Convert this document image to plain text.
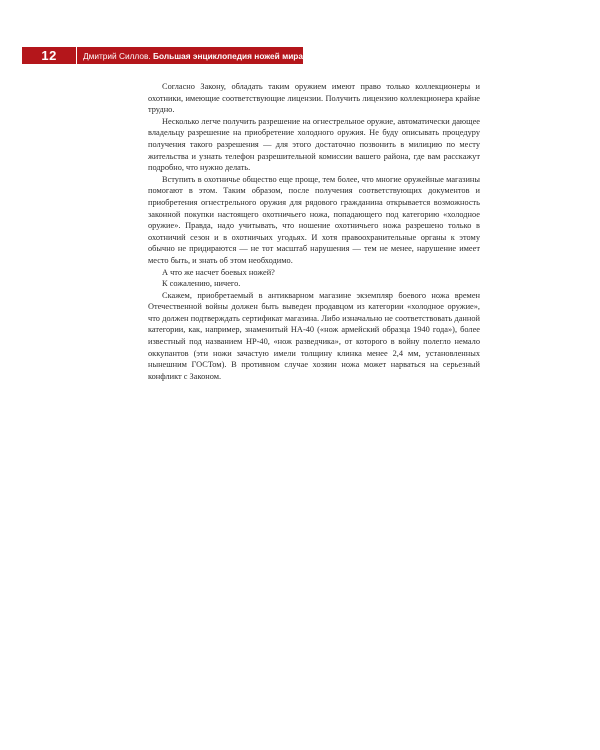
12	Дмитрий Силлов. Большая энциклопедия ножей мира

Согласно Закону, обладать таким оружием имеют право только коллекционеры и охотники, имеющие соответствующие лицензии. Получить лицензию коллекционера крайне трудно.

Несколько легче получить разрешение на огнестрельное оружие, автоматически дающее владельцу разрешение на приобретение холодного оружия. Не буду описывать процедуру получения такого разрешения — для этого достаточно позвонить в милицию по месту жительства и узнать телефон разрешительной комиссии вашего района, где вам расскажут подробно, что нужно делать.

Вступить в охотничье общество еще проще, тем более, что многие оружейные магазины помогают в этом. Таким образом, после получения соответствующих документов и приобретения огнестрельного оружия для рядового гражданина открывается возможность законной покупки настоящего охотничьего ножа, попадающего под категорию «холодное оружие». Правда, надо учитывать, что ношение охотничьего ножа разрешено только в охотничий сезон и в охотничьих угодьях. И хотя правоохранительные органы к этому обычно не придираются — не тот масштаб нарушения — тем не менее, нарушение имеет место быть, и знать об этом необходимо.

А что же насчет боевых ножей?

К сожалению, ничего.

Скажем, приобретаемый в антикварном магазине экземпляр боевого ножа времен Отечественной войны должен быть выведен продавцом из категории «холодное оружие», что должен подтверждать сертификат магазина. Либо изначально не соответствовать данной категории, как, например, знаменитый НА-40 («нож армейский образца 1940 года»), более известный под названием НР-40, «нож разведчика», от которого в войну полегло немало оккупантов (эти ножи зачастую имели толщину клинка менее 2,4 мм, установленных нынешним ГОСТом). В противном случае хозяин ножа может нарваться на серьезный конфликт с Законом.
